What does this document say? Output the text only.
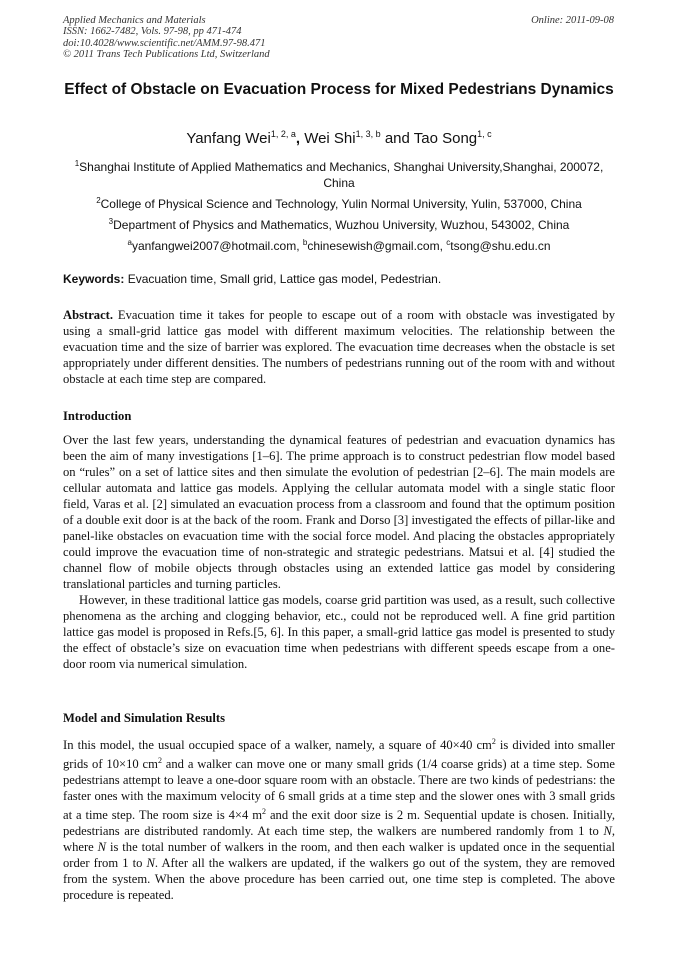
Applied Mechanics and Materials
ISSN: 1662-7482, Vols. 97-98, pp 471-474
doi:10.4028/www.scientific.net/AMM.97-98.471
© 2011 Trans Tech Publications Ltd, Switzerland
Online: 2011-09-08
Effect of Obstacle on Evacuation Process for Mixed Pedestrians Dynamics
Yanfang Wei$^{1, 2, a}$, Wei Shi$^{1, 3, b}$ and Tao Song$^{1, c}$
$^1$Shanghai Institute of Applied Mathematics and Mechanics, Shanghai University,Shanghai, 200072, China
$^2$College of Physical Science and Technology, Yulin Normal University, Yulin, 537000, China
$^3$Department of Physics and Mathematics, Wuzhou University, Wuzhou, 543002, China
$^a$yanfangwei2007@hotmail.com, $^b$chinesewish@gmail.com, $^c$tsong@shu.edu.cn
Keywords: Evacuation time, Small grid, Lattice gas model, Pedestrian.
Abstract. Evacuation time it takes for people to escape out of a room with obstacle was investigated by using a small-grid lattice gas model with different maximum velocities. The relationship between the evacuation time and the size of barrier was explored. The evacuation time decreases when the obstacle is set appropriately under different densities. The numbers of pedestrians running out of the room with and without obstacle at each time step are compared.
Introduction
Over the last few years, understanding the dynamical features of pedestrian and evacuation dynamics has been the aim of many investigations [1–6]. The prime approach is to construct pedestrian flow model based on “rules” on a set of lattice sites and then simulate the evolution of pedestrian [2–6]. The main models are cellular automata and lattice gas models. Applying the cellular automata model with a single static floor field, Varas et al. [2] simulated an evacuation process from a classroom and found that the optimum position of a double exit door is at the back of the room. Frank and Dorso [3] investigated the effects of pillar-like and panel-like obstacles on evacuation time with the social force model. And placing the obstacles appropriately could improve the evacuation time of non-strategic and strategic pedestrians. Matsui et al. [4] studied the channel flow of mobile objects through obstacles using an extended lattice gas model by considering translational particles and turning particles.
However, in these traditional lattice gas models, coarse grid partition was used, as a result, such collective phenomena as the arching and clogging behavior, etc., could not be reproduced well. A fine grid partition lattice gas model is proposed in Refs.[5, 6]. In this paper, a small-grid lattice gas model is presented to study the effect of obstacle’s size on evacuation time when pedestrians with different speeds escape from a one-door room via numerical simulation.
Model and Simulation Results
In this model, the usual occupied space of a walker, namely, a square of 40×40 $cm^2$ is divided into smaller grids of 10×10 $cm^2$ and a walker can move one or many small grids (1/4 coarse grids) at a time step. Some pedestrians attempt to leave a one-door square room with an obstacle. There are two kinds of pedestrians: the faster ones with the maximum velocity of 6 small grids at a time step and the slower ones with 3 small grids at a time step. The room size is 4×4 $m^2$ and the exit door size is 2 m. Sequential update is chosen. Initially, pedestrians are distributed randomly. At each time step, the walkers are numbered randomly from 1 to N, where N is the total number of walkers in the room, and then each walker is updated once in the sequential order from 1 to N. After all the walkers are updated, if the walkers go out of the system, they are removed from the system. When the above procedure has been carried out, one time step is completed. The above procedure is repeated.
